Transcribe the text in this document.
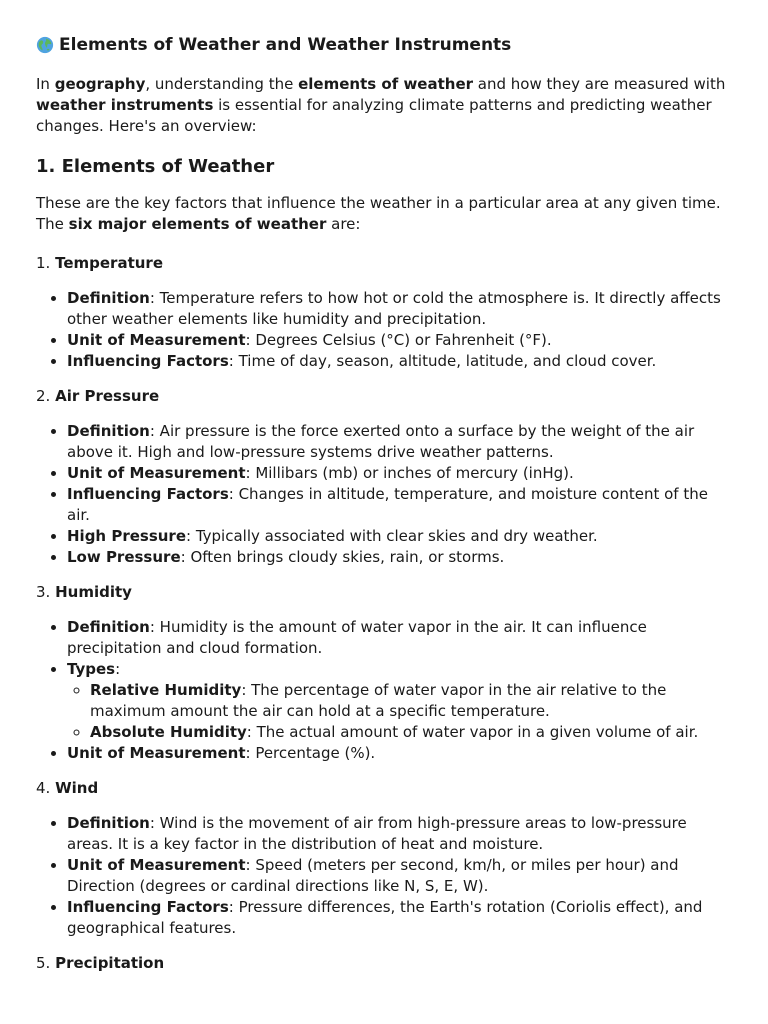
Elements of Weather and Weather Instruments

In geography, understanding the elements of weather and how they are measured with weather instruments is essential for analyzing climate patterns and predicting weather changes. Here's an overview:

1. Elements of Weather

These are the key factors that influence the weather in a particular area at any given time. The six major elements of weather are:

1. Temperature
• Definition: Temperature refers to how hot or cold the atmosphere is. It directly affects other weather elements like humidity and precipitation.
• Unit of Measurement: Degrees Celsius (°C) or Fahrenheit (°F).
• Influencing Factors: Time of day, season, altitude, latitude, and cloud cover.
2. Air Pressure
• Definition: Air pressure is the force exerted onto a surface by the weight of the air above it. High and low-pressure systems drive weather patterns.
• Unit of Measurement: Millibars (mb) or inches of mercury (inHg).
• Influencing Factors: Changes in altitude, temperature, and moisture content of the air.
• High Pressure: Typically associated with clear skies and dry weather.
• Low Pressure: Often brings cloudy skies, rain, or storms.
3. Humidity
• Definition: Humidity is the amount of water vapor in the air. It can influence precipitation and cloud formation.
• Types:
◦ Relative Humidity: The percentage of water vapor in the air relative to the maximum amount the air can hold at a specific temperature.
◦ Absolute Humidity: The actual amount of water vapor in a given volume of air.
• Unit of Measurement: Percentage (%).
4. Wind
• Definition: Wind is the movement of air from high-pressure areas to low-pressure areas. It is a key factor in the distribution of heat and moisture.
• Unit of Measurement: Speed (meters per second, km/h, or miles per hour) and Direction (degrees or cardinal directions like N, S, E, W).
• Influencing Factors: Pressure differences, the Earth's rotation (Coriolis effect), and geographical features.
5. Precipitation
